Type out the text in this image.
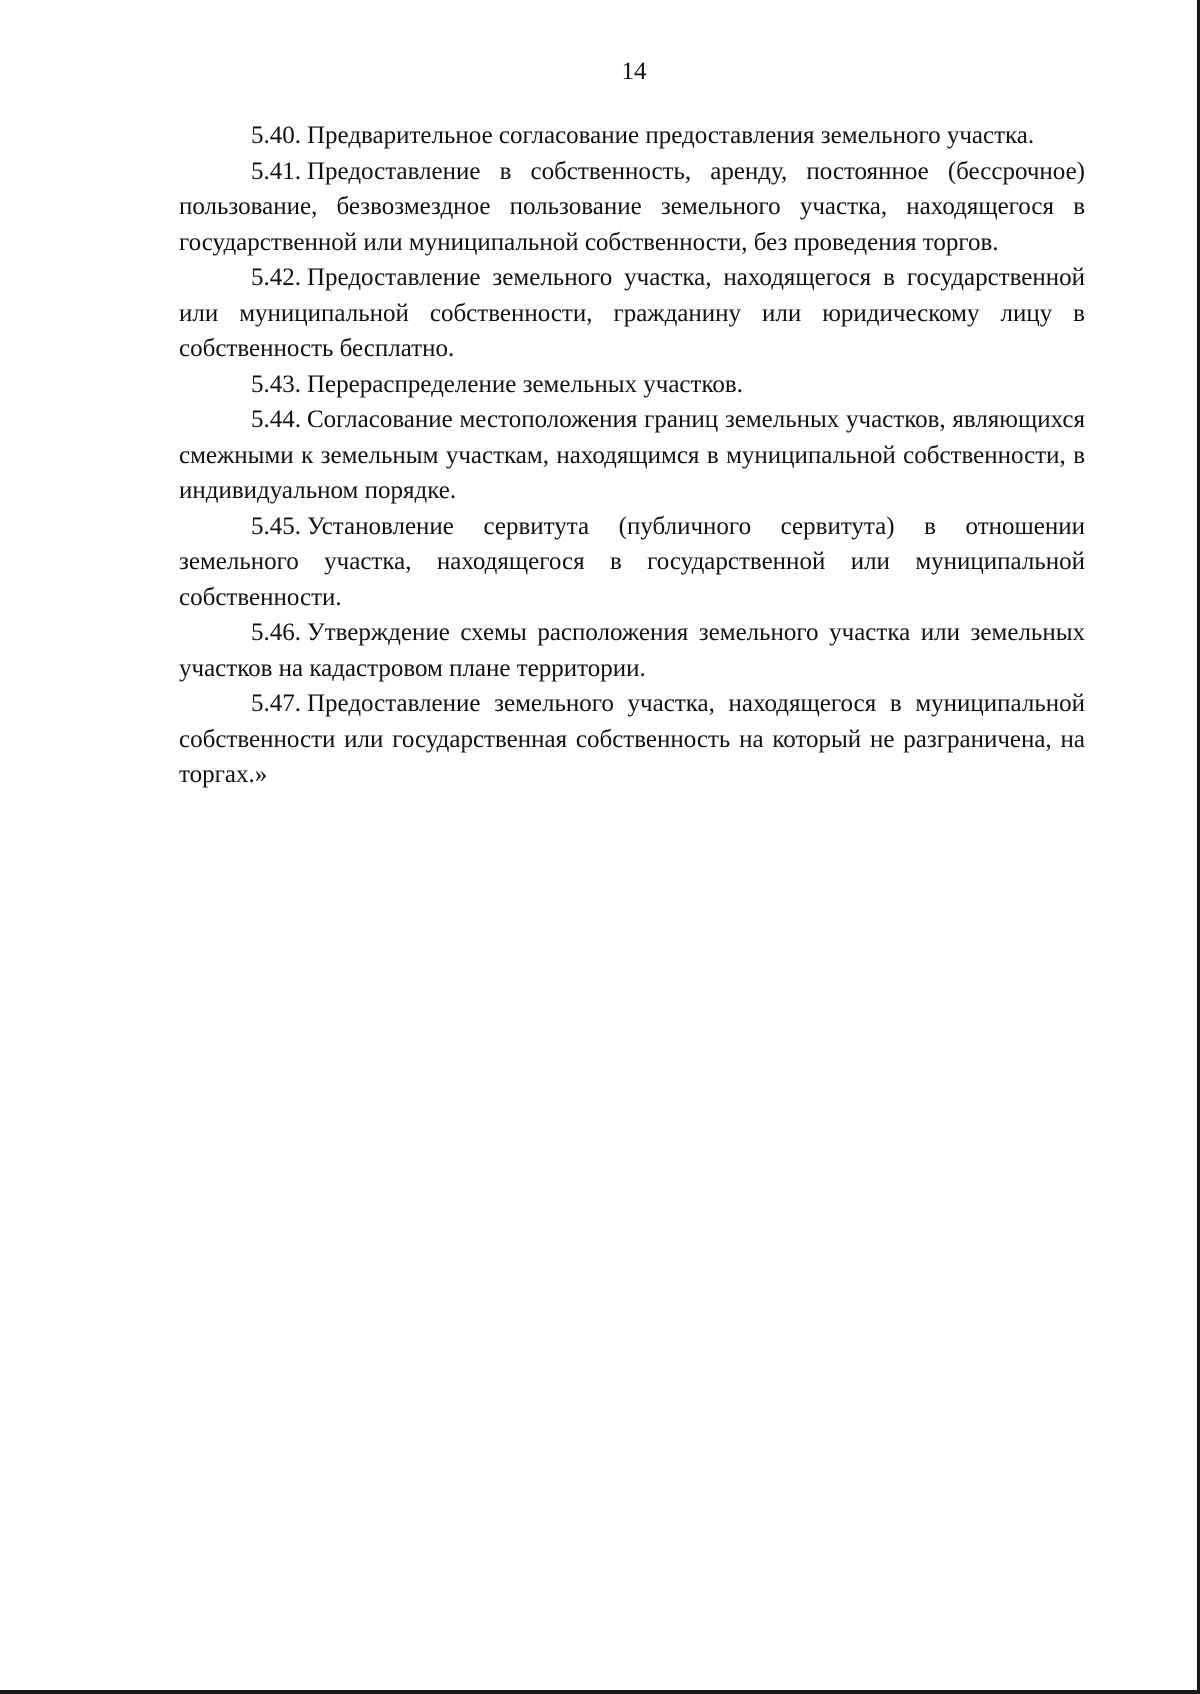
14

5.40. Предварительное согласование предоставления земельного участка.

5.41. Предоставление в собственность, аренду, постоянное (бессрочное) пользование, безвозмездное пользование земельного участка, находящегося в государственной или муниципальной собственности, без проведения торгов.

5.42. Предоставление земельного участка, находящегося в государственной или муниципальной собственности, гражданину или юридическому лицу в собственность бесплатно.

5.43. Перераспределение земельных участков.

5.44. Согласование местоположения границ земельных участков, являющихся смежными к земельным участкам, находящимся в муниципальной собственности, в индивидуальном порядке.

5.45. Установление сервитута (публичного сервитута) в отношении земельного участка, находящегося в государственной или муниципальной собственности.

5.46. Утверждение схемы расположения земельного участка или земельных участков на кадастровом плане территории.

5.47. Предоставление земельного участка, находящегося в муниципальной собственности или государственная собственность на который не разграничена, на торгах.»
